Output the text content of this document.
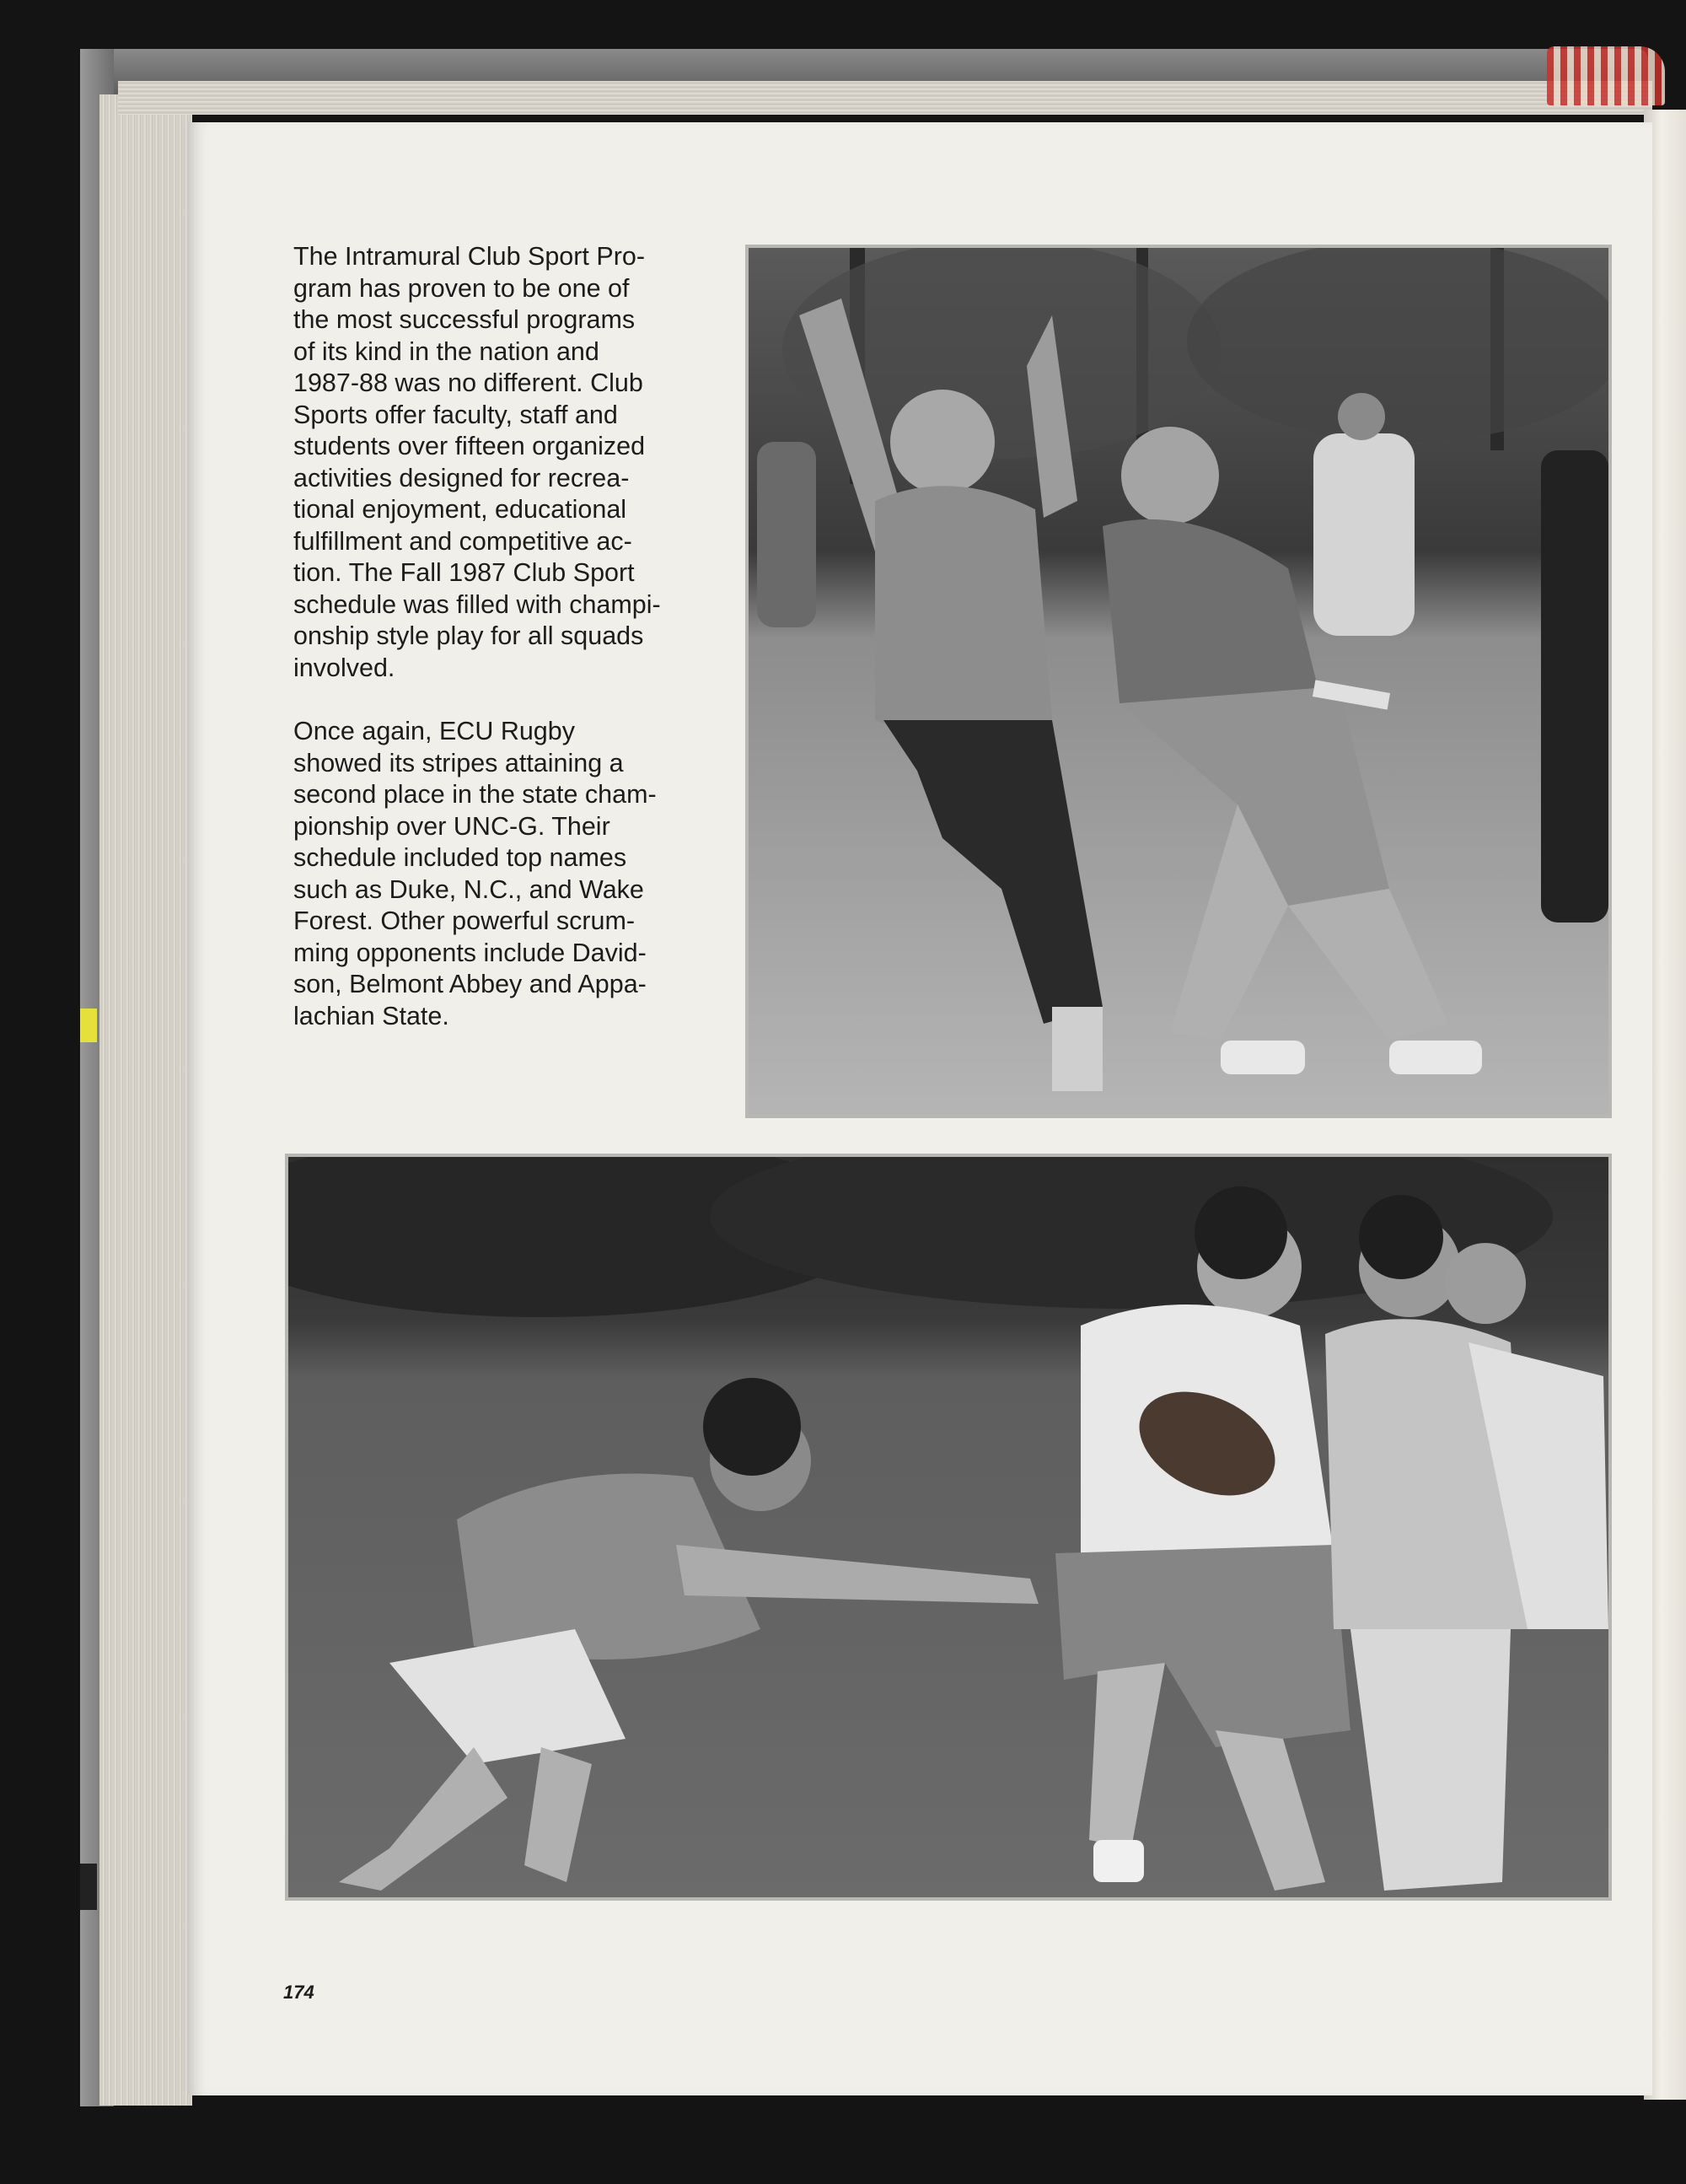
The Intramural Club Sport Pro-
gram has proven to be one of
the most successful programs
of its kind in the nation and
1987-88 was no different. Club
Sports offer faculty, staff and
students over fifteen organized
activities designed for recrea-
tional enjoyment, educational
fulfillment and competitive ac-
tion. The Fall 1987 Club Sport
schedule was filled with champi-
onship style play for all squads
involved.

Once again, ECU Rugby
showed its stripes attaining a
second place in the state cham-
pionship over UNC-G. Their
schedule included top names
such as Duke, N.C., and Wake
Forest. Other powerful scrum-
ming opponents include David-
son, Belmont Abbey and Appa-
lachian State.

174
